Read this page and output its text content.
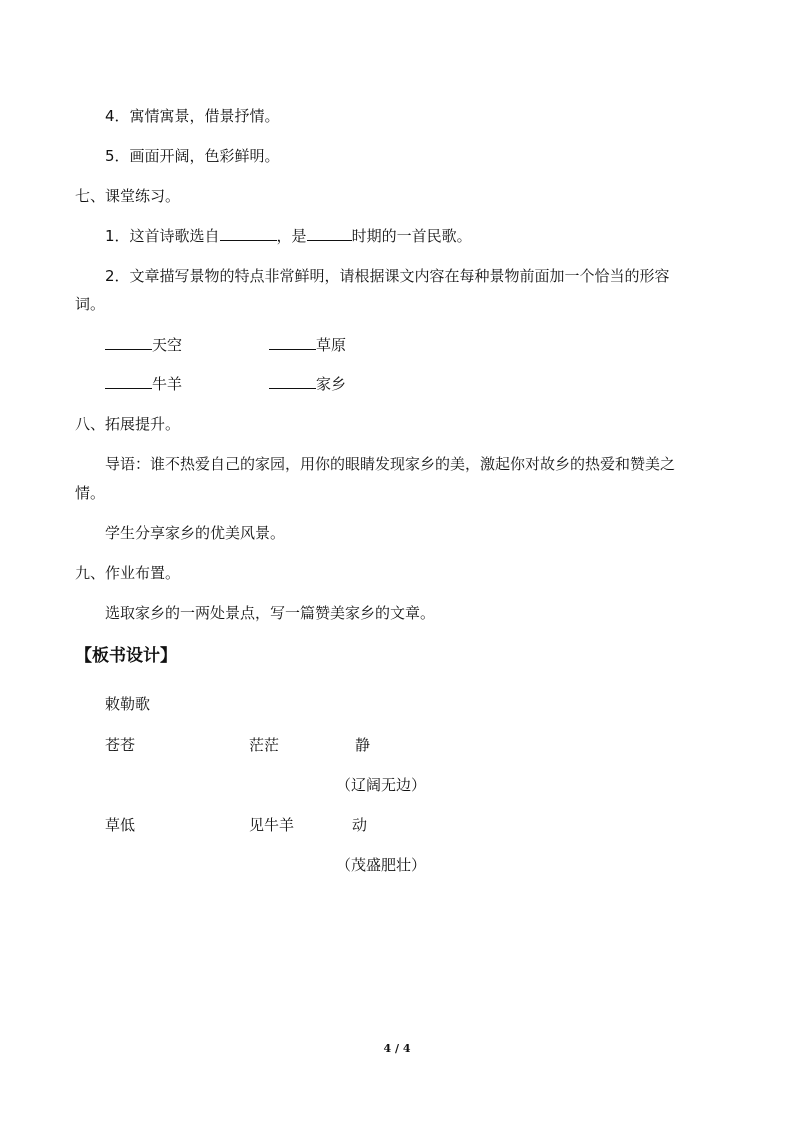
4．寓情寓景，借景抒情。
5．画面开阔，色彩鲜明。
七、课堂练习。
1．这首诗歌选自	，是	时期的一首民歌。
2．文章描写景物的特点非常鲜明，请根据课文内容在每种景物前面加一个恰当的形容
词。
天空	草原
牛羊	家乡
八、拓展提升。
导语：谁不热爱自己的家园，用你的眼睛发现家乡的美，激起你对故乡的热爱和赞美之
情。
学生分享家乡的优美风景。
九、作业布置。
选取家乡的一两处景点，写一篇赞美家乡的文章。
【板书设计】
敕勒歌
苍苍	茫茫	静
（辽阔无边）
草低	见牛羊	动
（茂盛肥壮）
4 / 4
